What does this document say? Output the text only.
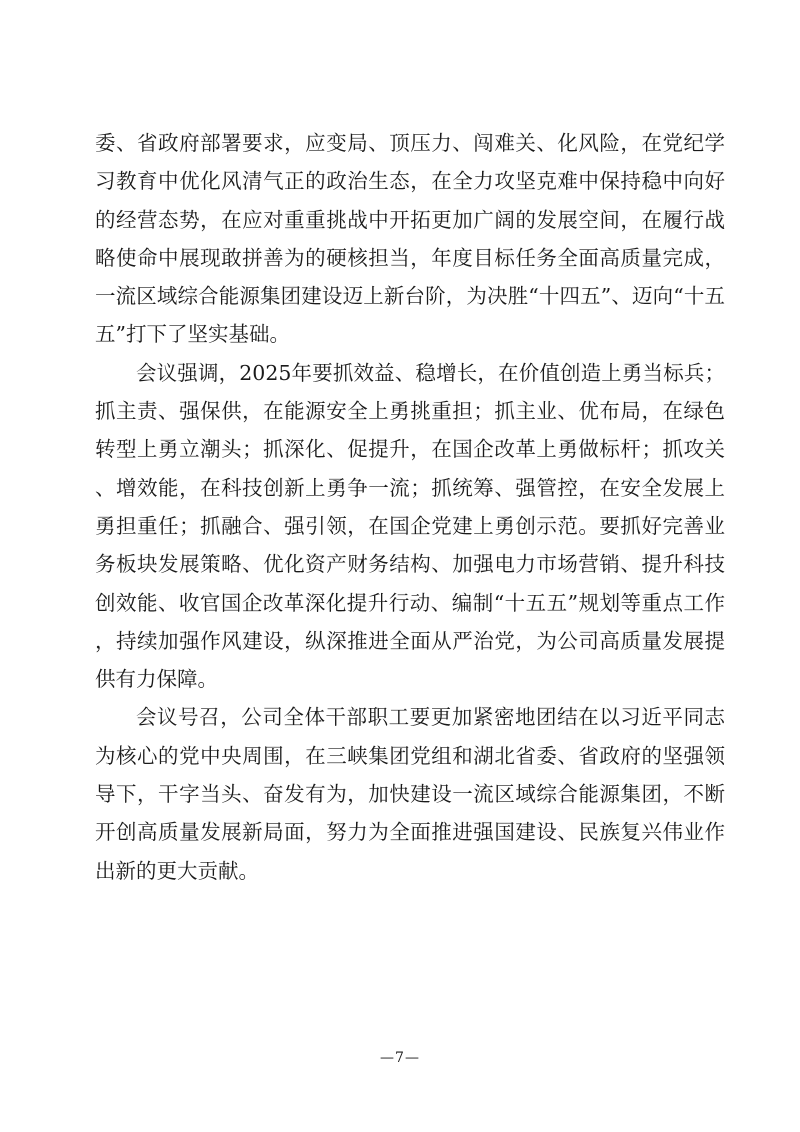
委、省政府部署要求，应变局、顶压力、闯难关、化风险，在党纪学习教育中优化风清气正的政治生态，在全力攻坚克难中保持稳中向好的经营态势，在应对重重挑战中开拓更加广阔的发展空间，在履行战略使命中展现敢拼善为的硬核担当，年度目标任务全面高质量完成，一流区域综合能源集团建设迈上新台阶，为决胜“十四五”、迈向“十五五”打下了坚实基础。

会议强调，2025年要抓效益、稳增长，在价值创造上勇当标兵；抓主责、强保供，在能源安全上勇挑重担；抓主业、优布局，在绿色转型上勇立潮头；抓深化、促提升，在国企改革上勇做标杆；抓攻关、增效能，在科技创新上勇争一流；抓统筹、强管控，在安全发展上勇担重任；抓融合、强引领，在国企党建上勇创示范。要抓好完善业务板块发展策略、优化资产财务结构、加强电力市场营销、提升科技创效能、收官国企改革深化提升行动、编制“十五五”规划等重点工作，持续加强作风建设，纵深推进全面从严治党，为公司高质量发展提供有力保障。

会议号召，公司全体干部职工要更加紧密地团结在以习近平同志为核心的党中央周围，在三峡集团党组和湖北省委、省政府的坚强领导下，干字当头、奋发有为，加快建设一流区域综合能源集团，不断开创高质量发展新局面，努力为全面推进强国建设、民族复兴伟业作出新的更大贡献。

—7—
